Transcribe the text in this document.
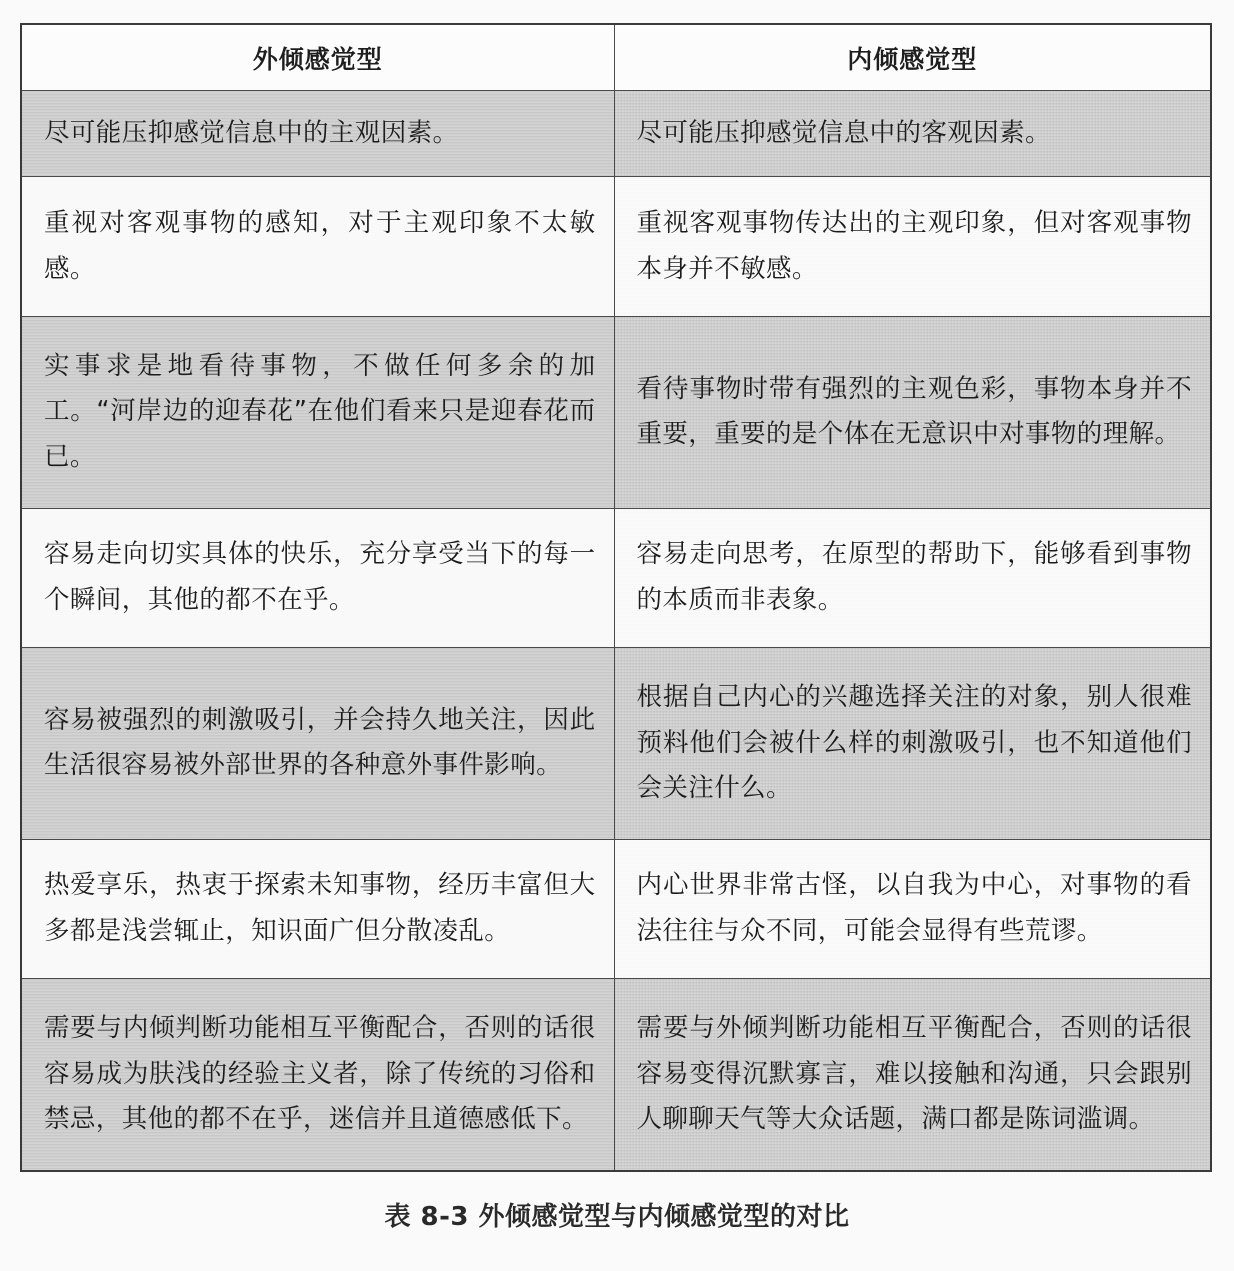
外倾感觉型	内倾感觉型

尽可能压抑感觉信息中的主观因素。	尽可能压抑感觉信息中的客观因素。

重视对客观事物的感知，对于主观印象不太敏感。	重视客观事物传达出的主观印象，但对客观事物本身并不敏感。

实事求是地看待事物，不做任何多余的加工。“河岸边的迎春花”在他们看来只是迎春花而已。	看待事物时带有强烈的主观色彩，事物本身并不重要，重要的是个体在无意识中对事物的理解。

容易走向切实具体的快乐，充分享受当下的每一个瞬间，其他的都不在乎。	容易走向思考，在原型的帮助下，能够看到事物的本质而非表象。

容易被强烈的刺激吸引，并会持久地关注，因此生活很容易被外部世界的各种意外事件影响。	根据自己内心的兴趣选择关注的对象，别人很难预料他们会被什么样的刺激吸引，也不知道他们会关注什么。

热爱享乐，热衷于探索未知事物，经历丰富但大多都是浅尝辄止，知识面广但分散凌乱。	内心世界非常古怪，以自我为中心，对事物的看法往往与众不同，可能会显得有些荒谬。

需要与内倾判断功能相互平衡配合，否则的话很容易成为肤浅的经验主义者，除了传统的习俗和禁忌，其他的都不在乎，迷信并且道德感低下。	需要与外倾判断功能相互平衡配合，否则的话很容易变得沉默寡言，难以接触和沟通，只会跟别人聊聊天气等大众话题，满口都是陈词滥调。
表 8-3 外倾感觉型与内倾感觉型的对比
